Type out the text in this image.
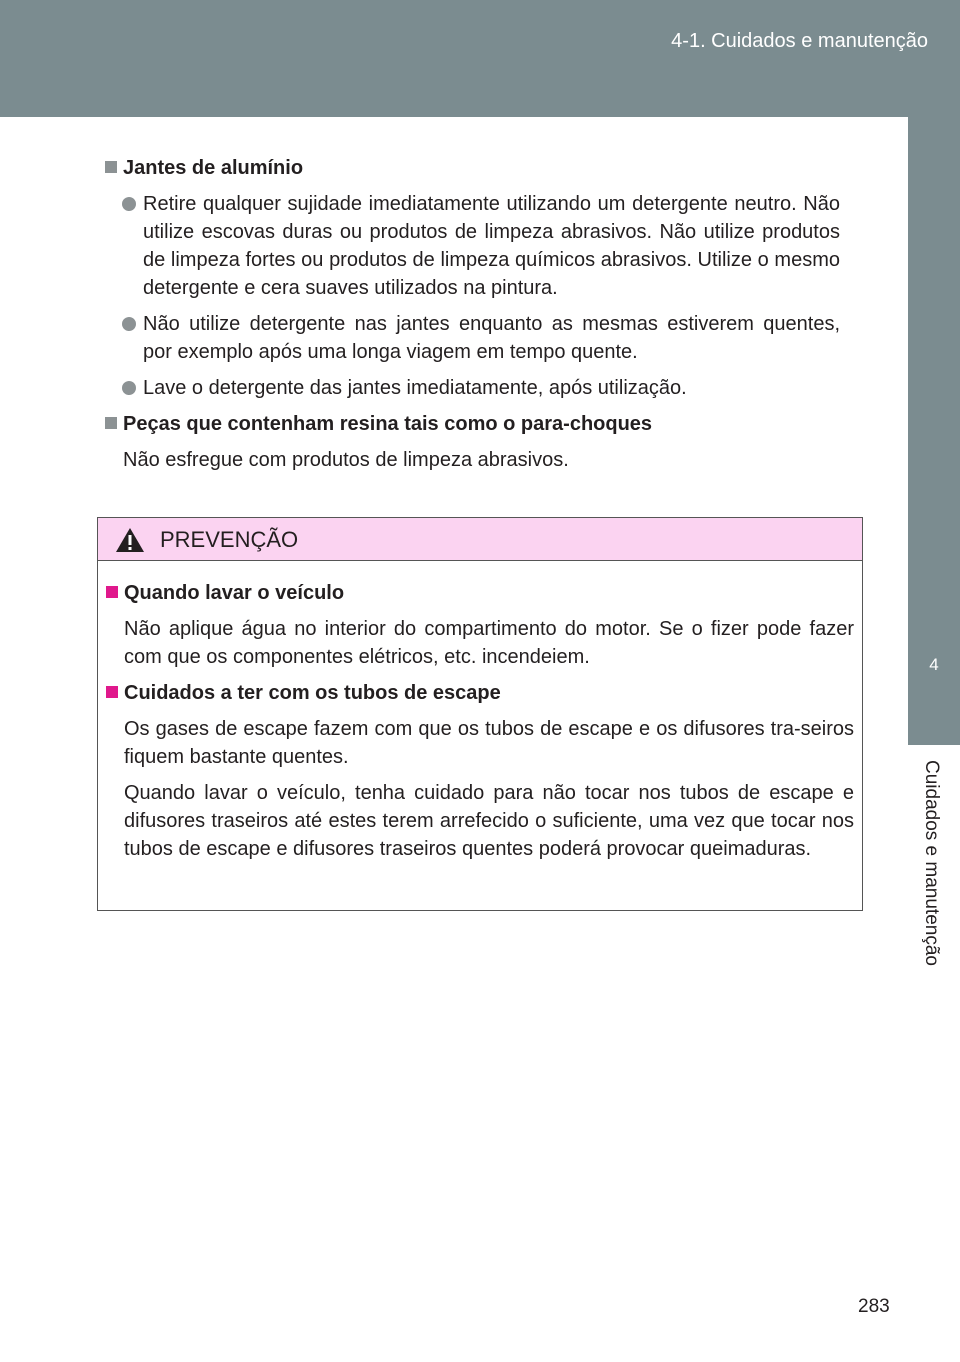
4-1. Cuidados e manutenção
4
Cuidados e manutenção
Jantes de alumínio
Retire qualquer sujidade imediatamente utilizando um detergente neutro. Não utilize escovas duras ou produtos de limpeza abrasivos. Não utilize produtos de limpeza fortes ou produtos de limpeza químicos abrasivos. Utilize o mesmo detergente e cera suaves utilizados na pintura.
Não utilize detergente nas jantes enquanto as mesmas estiverem quentes, por exemplo após uma longa viagem em tempo quente.
Lave o detergente das jantes imediatamente, após utilização.
Peças que contenham resina tais como o para-choques
Não esfregue com produtos de limpeza abrasivos.
PREVENÇÃO
Quando lavar o veículo
Não aplique água no interior do compartimento do motor. Se o fizer pode fazer com que os componentes elétricos, etc. incendeiem.
Cuidados a ter com os tubos de escape
Os gases de escape fazem com que os tubos de escape e os difusores tra-seiros fiquem bastante quentes.
Quando lavar o veículo, tenha cuidado para não tocar nos tubos de escape e difusores traseiros até estes terem arrefecido o suficiente, uma vez que tocar nos tubos de escape e difusores traseiros quentes poderá provocar queimaduras.
283
